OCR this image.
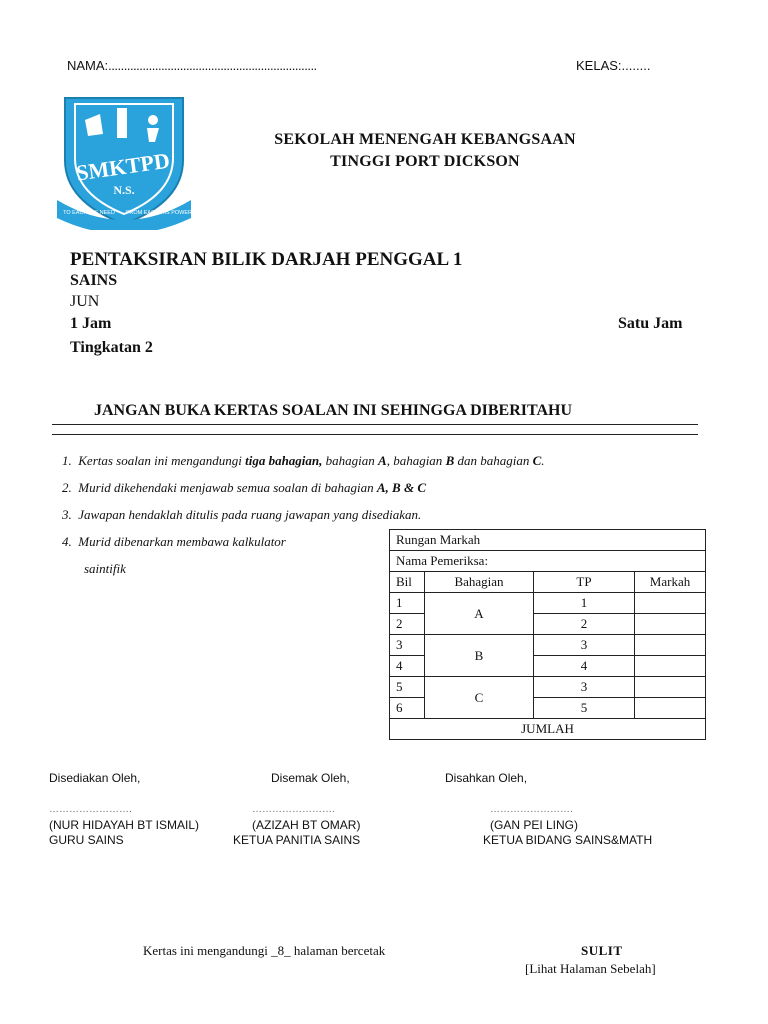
NAMA:...................................................................	KELAS:........
SMKTPD
N.S.
TO EACH HIS NEED FROM EACH HIS POWER
SEKOLAH MENENGAH KEBANGSAAN
TINGGI PORT DICKSON
PENTAKSIRAN BILIK DARJAH PENGGAL 1
SAINS
JUN
1 Jam	Satu Jam
Tingkatan 2
JANGAN BUKA KERTAS SOALAN INI SEHINGGA DIBERITAHU
1. Kertas soalan ini mengandungi tiga bahagian, bahagian A, bahagian B dan bahagian C.
2. Murid dikehendaki menjawab semua soalan di bahagian A, B & C
3. Jawapan hendaklah ditulis pada ruang jawapan yang disediakan.
4. Murid dibenarkan membawa kalkulator
saintifik
Rungan Markah			
Nama Pemeriksa:			
Bil	Bahagian	TP	Markah
1	A	1	
2		2	
3	B	3	
4		4	
5	C	3	
6		5	
JUMLAH			
Disediakan Oleh,	Disemak Oleh,	Disahkan Oleh,
…………………….	…………………….	…………………….
(NUR HIDAYAH BT ISMAIL)	(AZIZAH BT OMAR)	(GAN PEI LING)
GURU SAINS	KETUA PANITIA SAINS	KETUA BIDANG SAINS&MATH
Kertas ini mengandungi _8_ halaman bercetak	SULIT
[Lihat Halaman Sebelah]
